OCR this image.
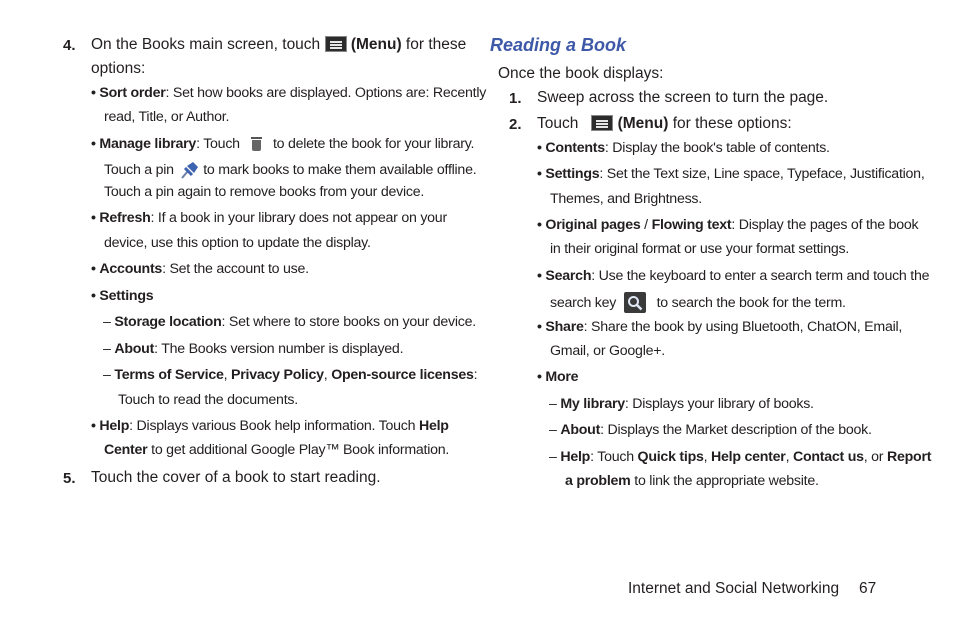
4. On the Books main screen, touch (Menu) for these
options:
• Sort order: Set how books are displayed. Options are: Recently
read, Title, or Author.
• Manage library: Touch to delete the book for your library.
Touch a pin to mark books to make them available offline.
Touch a pin again to remove books from your device.
• Refresh: If a book in your library does not appear on your
device, use this option to update the display.
• Accounts: Set the account to use.
• Settings
– Storage location: Set where to store books on your device.
– About: The Books version number is displayed.
– Terms of Service, Privacy Policy, Open-source licenses:
Touch to read the documents.
• Help: Displays various Book help information. Touch Help
Center to get additional Google Play™ Book information.
5. Touch the cover of a book to start reading.
Reading a Book
Once the book displays:
1. Sweep across the screen to turn the page.
2. Touch	(Menu) for these options:
• Contents: Display the book's table of contents.
• Settings: Set the Text size, Line space, Typeface, Justification,
Themes, and Brightness.
• Original pages / Flowing text: Display the pages of the book
in their original format or use your format settings.
• Search: Use the keyboard to enter a search term and touch the
search key	to search the book for the term.
• Share: Share the book by using Bluetooth, ChatON, Email,
Gmail, or Google+.
• More
– My library: Displays your library of books.
– About: Displays the Market description of the book.
– Help: Touch Quick tips, Help center, Contact us, or Report
a problem to link the appropriate website.
Internet and Social Networking 67
